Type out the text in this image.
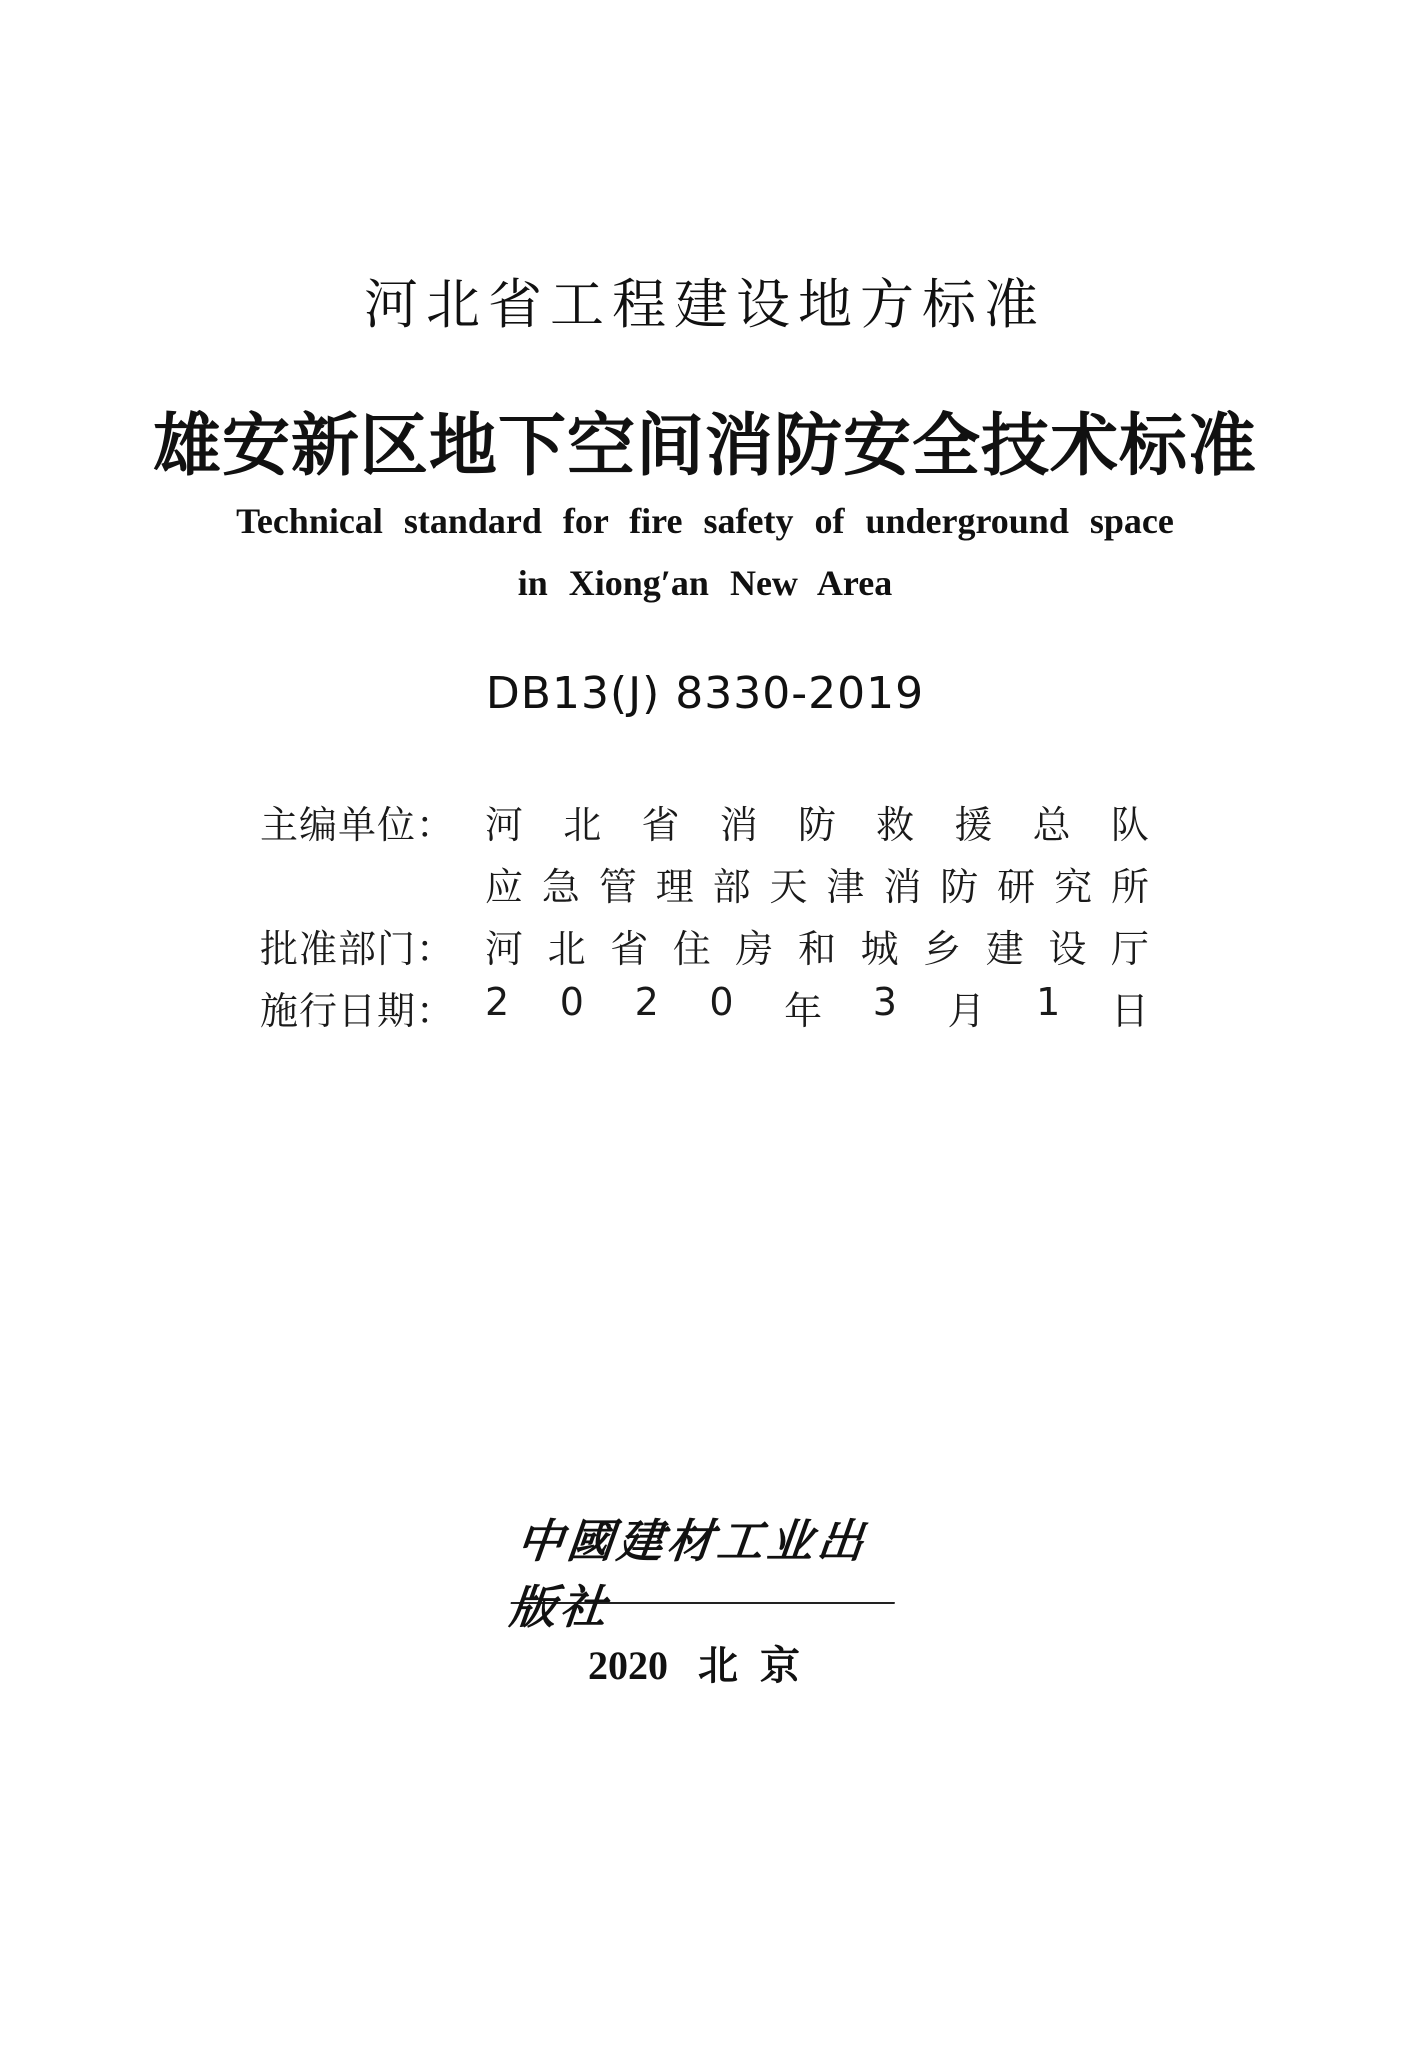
河北省工程建设地方标准
雄安新区地下空间消防安全技术标准
Technical standard for fire safety of underground space
in Xiong′an New Area
DB13(J) 8330-2019
主编单位： 河 北 省 消 防 救 援 总 队
应 急 管 理 部 天 津 消 防 研 究 所
批准部门： 河 北 省 住 房 和 城 乡 建 设 厅
施行日期： 2 0 2 0 年 3 月 1 日
中國建材工业出版社
2020 北京
